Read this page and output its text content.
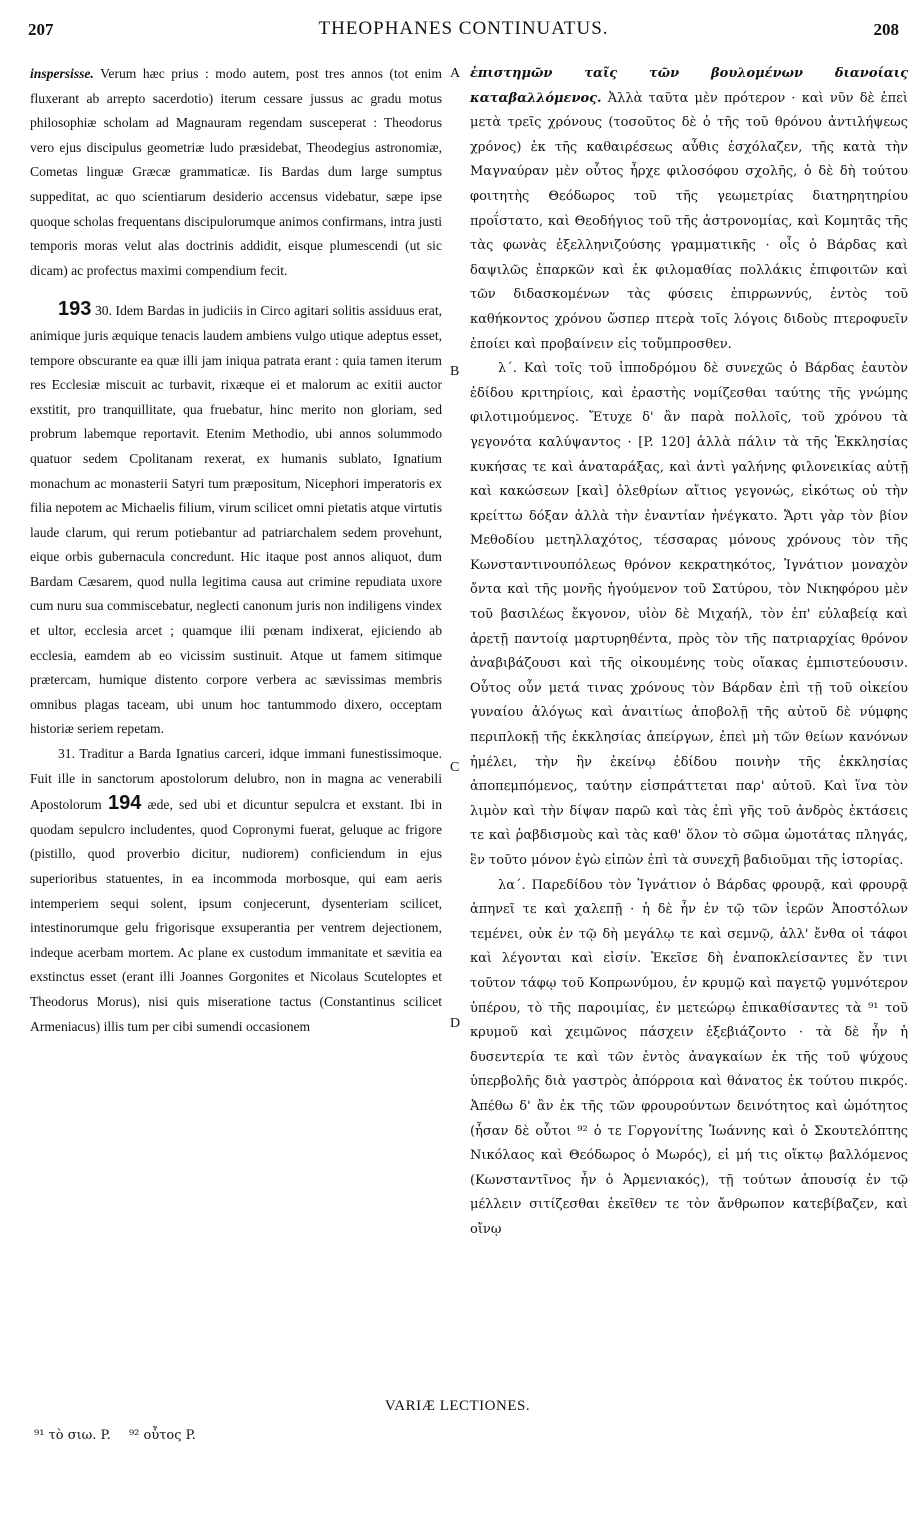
207	THEOPHANES CONTINUATUS.	208

inspersisse. Verum hæc prius : modo autem, post tres annos (tot enim fluxerant ab arrepto sacerdotio) iterum cessare jussus ac gradu motus philosophiæ scholam ad Magnauram regendam susceperat : Theodorus vero ejus discipulus geometriæ ludo præsidebat, Theodegius astronomiæ, Cometas linguæ Græcæ grammaticæ. Iis Bardas dum large sumptus suppeditat, ac quo scientiarum desiderio accensus videbatur, sæpe ipse quoque scholas frequentans discipulorumque animos confirmans, intra justi temporis moras velut alas doctrinis addidit, eisque plumescendi (ut sic dicam) ac profectus maximi compendium fecit.

193 30. Idem Bardas in judiciis in Circo agitari solitis assiduus erat, animique juris æquique tenacis laudem ambiens vulgo utique adeptus esset, tempore obscurante ea quæ illi jam iniqua patrata erant : quia tamen iterum res Ecclesiæ miscuit ac turbavit, rixæque ei et malorum ac exitii auctor exstitit, pro tranquillitate, qua fruebatur, hinc merito non gloriam, sed probrum labemque reportavit. Etenim Methodio, ubi annos solummodo quatuor sedem Cpolitanam rexerat, ex humanis sublato, Ignatium monachum ac monasterii Satyri tum præpositum, Nicephori imperatoris ex filia nepotem ac Michaelis filium, virum scilicet omni pietatis atque virtutis laude clarum, qui rerum potiebantur ad patriarchalem sedem provehunt, eique orbis gubernacula concredunt. Hic itaque post annos aliquot, dum Bardam Cæsarem, quod nulla legitima causa aut crimine repudiata uxore cum nuru sua commiscebatur, neglecti canonum juris non indiligens vindex et ultor, ecclesia arcet ; quamque ilii pœnam indixerat, ejiciendo ab ecclesia, eamdem ab eo vicissim sustinuit. Atque ut famem sitimque prætercam, humique distento corpore verbera ac sævissimas membris omnibus plagas taceam, ubi unum hoc tantummodo dixero, occeptam historiæ seriem repetam.

31. Traditur a Barda Ignatius carceri, idque immani funestissimoque. Fuit ille in sanctorum apostolorum delubro, non in magna ac venerabili Apostolorum 194 æde, sed ubi et dicuntur sepulcra et exstant. Ibi in quodam sepulcro includentes, quod Copronymi fuerat, geluque ac frigore (pistillo, quod proverbio dicitur, nudiorem) conficiendum in ejus superioribus statuentes, in ea incommoda morbosque, qui eam aeris intemperiem sequi solent, ipsum conjecerunt, dysenteriam scilicet, intestinorumque gelu frigorisque exsuperantia per ventrem dejectionem, indeque acerbam mortem. Ac plane ex custodum immanitate et sævitia ea exstinctus esset (erant illi Joannes Gorgonites et Nicolaus Scuteloptes et Theodorus Morus), nisi quis miseratione tactus (Constantinus scilicet Armeniacus) illis tum per cibi sumendi occasionem

A
B
C
D

ἐπιστημῶν ταῖς τῶν βουλομένων διανοίαις καταβαλλόμενος. Ἀλλὰ ταῦτα μὲν πρότερον · καὶ νῦν δὲ ἐπεὶ μετὰ τρεῖς χρόνους (τοσοῦτος δὲ ὁ τῆς τοῦ θρόνου ἀντιλήψεως χρόνος) ἐκ τῆς καθαιρέσεως αὖθις ἐσχόλαζεν, τῆς κατὰ τὴν Μαγναύραν μὲν οὗτος ἦρχε φιλοσόφου σχολῆς, ὁ δὲ δὴ τούτου φοιτητὴς Θεόδωρος τοῦ τῆς γεωμετρίας διατηρητηρίου προΐστατο, καὶ Θεοδήγιος τοῦ τῆς ἀστρονομίας, καὶ Κομητᾶς τῆς τὰς φωνὰς ἐξελληνιζούσης γραμματικῆς · οἷς ὁ Βάρδας καὶ δαψιλῶς ἐπαρκῶν καὶ ἐκ φιλομαθίας πολλάκις ἐπιφοιτῶν καὶ τῶν διδασκομένων τὰς φύσεις ἐπιρρωννύς, ἐντὸς τοῦ καθήκοντος χρόνου ὥσπερ πτερὰ τοῖς λόγοις διδοὺς πτεροφυεῖν ἐποίει καὶ προβαίνειν εἰς τοὔμπροσθεν.

λ΄. Καὶ τοῖς τοῦ ἱπποδρόμου δὲ συνεχῶς ὁ Βάρδας ἑαυτὸν ἐδίδου κριτηρίοις, καὶ ἐραστὴς νομίζεσθαι ταύτης τῆς γνώμης φιλοτιμούμενος. Ἔτυχε δ' ἂν παρὰ πολλοῖς, τοῦ χρόνου τὰ γεγονότα καλύψαντος · [P. 120] ἀλλὰ πάλιν τὰ τῆς Ἐκκλησίας κυκήσας τε καὶ ἀναταράξας, καὶ ἀντὶ γαλήνης φιλονεικίας αὐτῇ καὶ κακώσεων [καὶ] ὀλεθρίων αἴτιος γεγονώς, εἰκότως οὐ τὴν κρείττω δόξαν ἀλλὰ τὴν ἐναντίαν ἠνέγκατο. Ἄρτι γὰρ τὸν βίον Μεθοδίου μετηλλαχότος, τέσσαρας μόνους χρόνους τὸν τῆς Κωνσταντινουπόλεως θρόνον κεκρατηκότος, Ἰγνάτιον μοναχὸν ὄντα καὶ τῆς μονῆς ἡγούμενον τοῦ Σατύρου, τὸν Νικηφόρου μὲν τοῦ βασιλέως ἔκγονον, υἱὸν δὲ Μιχαήλ, τὸν ἐπ' εὐλαβείᾳ καὶ ἀρετῇ παντοίᾳ μαρτυρηθέντα, πρὸς τὸν τῆς πατριαρχίας θρόνον ἀναβιβάζουσι καὶ τῆς οἰκουμένης τοὺς οἴακας ἐμπιστεύουσιν. Οὗτος οὖν μετά τινας χρόνους τὸν Βάρδαν ἐπὶ τῇ τοῦ οἰκείου γυναίου ἀλόγως καὶ ἀναιτίως ἀποβολῇ τῆς αὐτοῦ δὲ νύμφης περιπλοκῇ τῆς ἐκκλησίας ἀπείργων, ἐπεὶ μὴ τῶν θείων κανόνων ἠμέλει, τὴν ἣν ἐκείνῳ ἐδίδου ποινὴν τῆς ἐκκλησίας ἀποπεμπόμενος, ταύτην εἰσπράττεται παρ' αὐτοῦ. Καὶ ἵνα τὸν λιμὸν καὶ τὴν δίψαν παρῶ καὶ τὰς ἐπὶ γῆς τοῦ ἀνδρὸς ἐκτάσεις τε καὶ ῥαβδισμοὺς καὶ τὰς καθ' ὅλον τὸ σῶμα ὠμοτάτας πληγάς, ἓν τοῦτο μόνον ἐγὼ εἰπὼν ἐπὶ τὰ συνεχῆ βαδιοῦμαι τῆς ἱστορίας.

λα΄. Παρεδίδου τὸν Ἰγνάτιον ὁ Βάρδας φρουρᾷ, καὶ φρουρᾷ ἀπηνεῖ τε καὶ χαλεπῇ · ἡ δὲ ἦν ἐν τῷ τῶν ἱερῶν Ἀποστόλων τεμένει, οὐκ ἐν τῷ δὴ μεγάλῳ τε καὶ σεμνῷ, ἀλλ' ἔνθα οἱ τάφοι καὶ λέγονται καὶ εἰσίν. Ἐκεῖσε δὴ ἐναποκλείσαντες ἔν τινι τοῦτον τάφῳ τοῦ Κοπρωνύμου, ἐν κρυμῷ καὶ παγετῷ γυμνότερον ὑπέρου, τὸ τῆς παροιμίας, ἐν μετεώρῳ ἐπικαθίσαντες τὰ ⁹¹ τοῦ κρυμοῦ καὶ χειμῶνος πάσχειν ἐξεβιάζοντο · τὰ δὲ ἦν ἡ δυσεντερία τε καὶ τῶν ἐντὸς ἀναγκαίων ἐκ τῆς τοῦ ψύχους ὑπερβολῆς διὰ γαστρὸς ἀπόρροια καὶ θάνατος ἐκ τούτου πικρός. Ἀπέθω δ' ἂν ἐκ τῆς τῶν φρουρούντων δεινότητος καὶ ὠμότητος (ἦσαν δὲ οὗτοι ⁹² ὁ τε Γοργονίτης Ἰωάννης καὶ ὁ Σκουτελόπτης Νικόλαος καὶ Θεόδωρος ὁ Μωρός), εἰ μή τις οἴκτῳ βαλλόμενος (Κωνσταντῖνος ἦν ὁ Ἀρμενιακός), τῇ τούτων ἀπουσίᾳ ἐν τῷ μέλλειν σιτίζεσθαι ἐκεῖθεν τε τὸν ἄνθρωπον κατεβίβαζεν, καὶ οἴνῳ

VARIÆ LECTIONES.
⁹¹ τὸ σιω. P. ⁹² οὗτος P.
